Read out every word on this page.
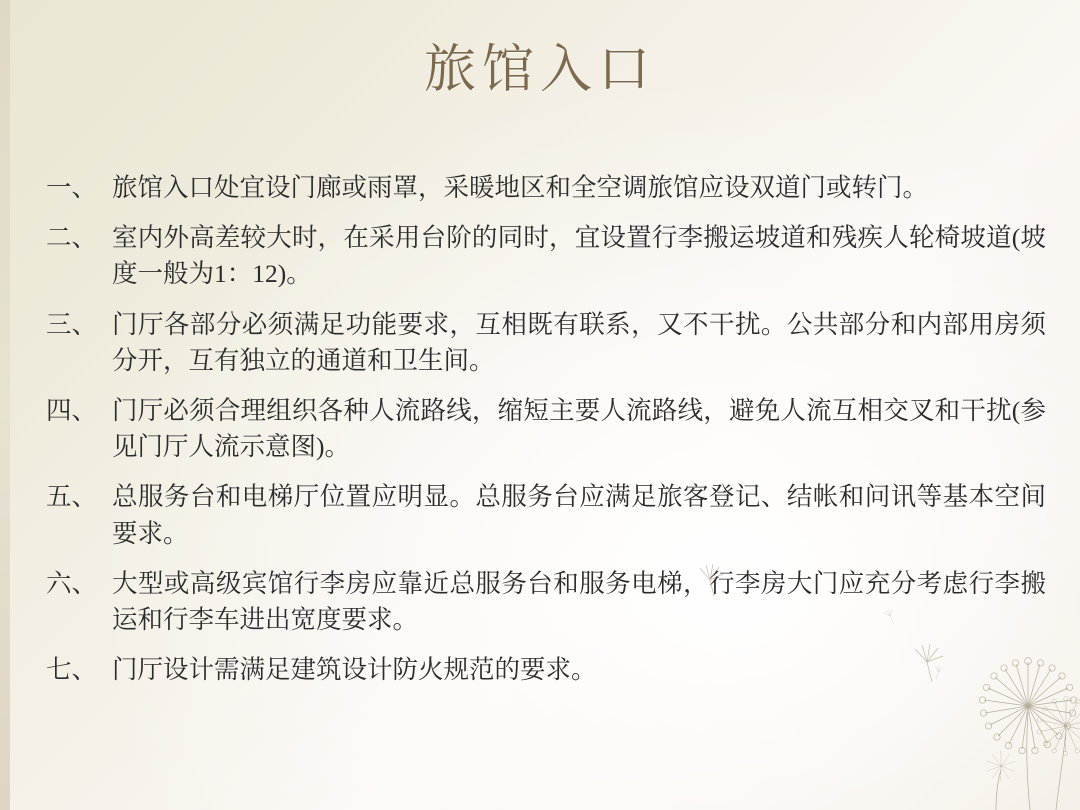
旅馆入口
一、 旅馆入口处宜设门廊或雨罩，采暖地区和全空调旅馆应设双道门或转门。
二、 室内外高差较大时，在采用台阶的同时，宜设置行李搬运坡道和残疾人轮椅坡道(坡度一般为1：12)。
三、 门厅各部分必须满足功能要求，互相既有联系，又不干扰。公共部分和内部用房须分开，互有独立的通道和卫生间。
四、 门厅必须合理组织各种人流路线，缩短主要人流路线，避免人流互相交叉和干扰(参见门厅人流示意图)。
五、 总服务台和电梯厅位置应明显。总服务台应满足旅客登记、结帐和问讯等基本空间要求。
六、 大型或高级宾馆行李房应靠近总服务台和服务电梯，行李房大门应充分考虑行李搬运和行李车进出宽度要求。
七、 门厅设计需满足建筑设计防火规范的要求。
